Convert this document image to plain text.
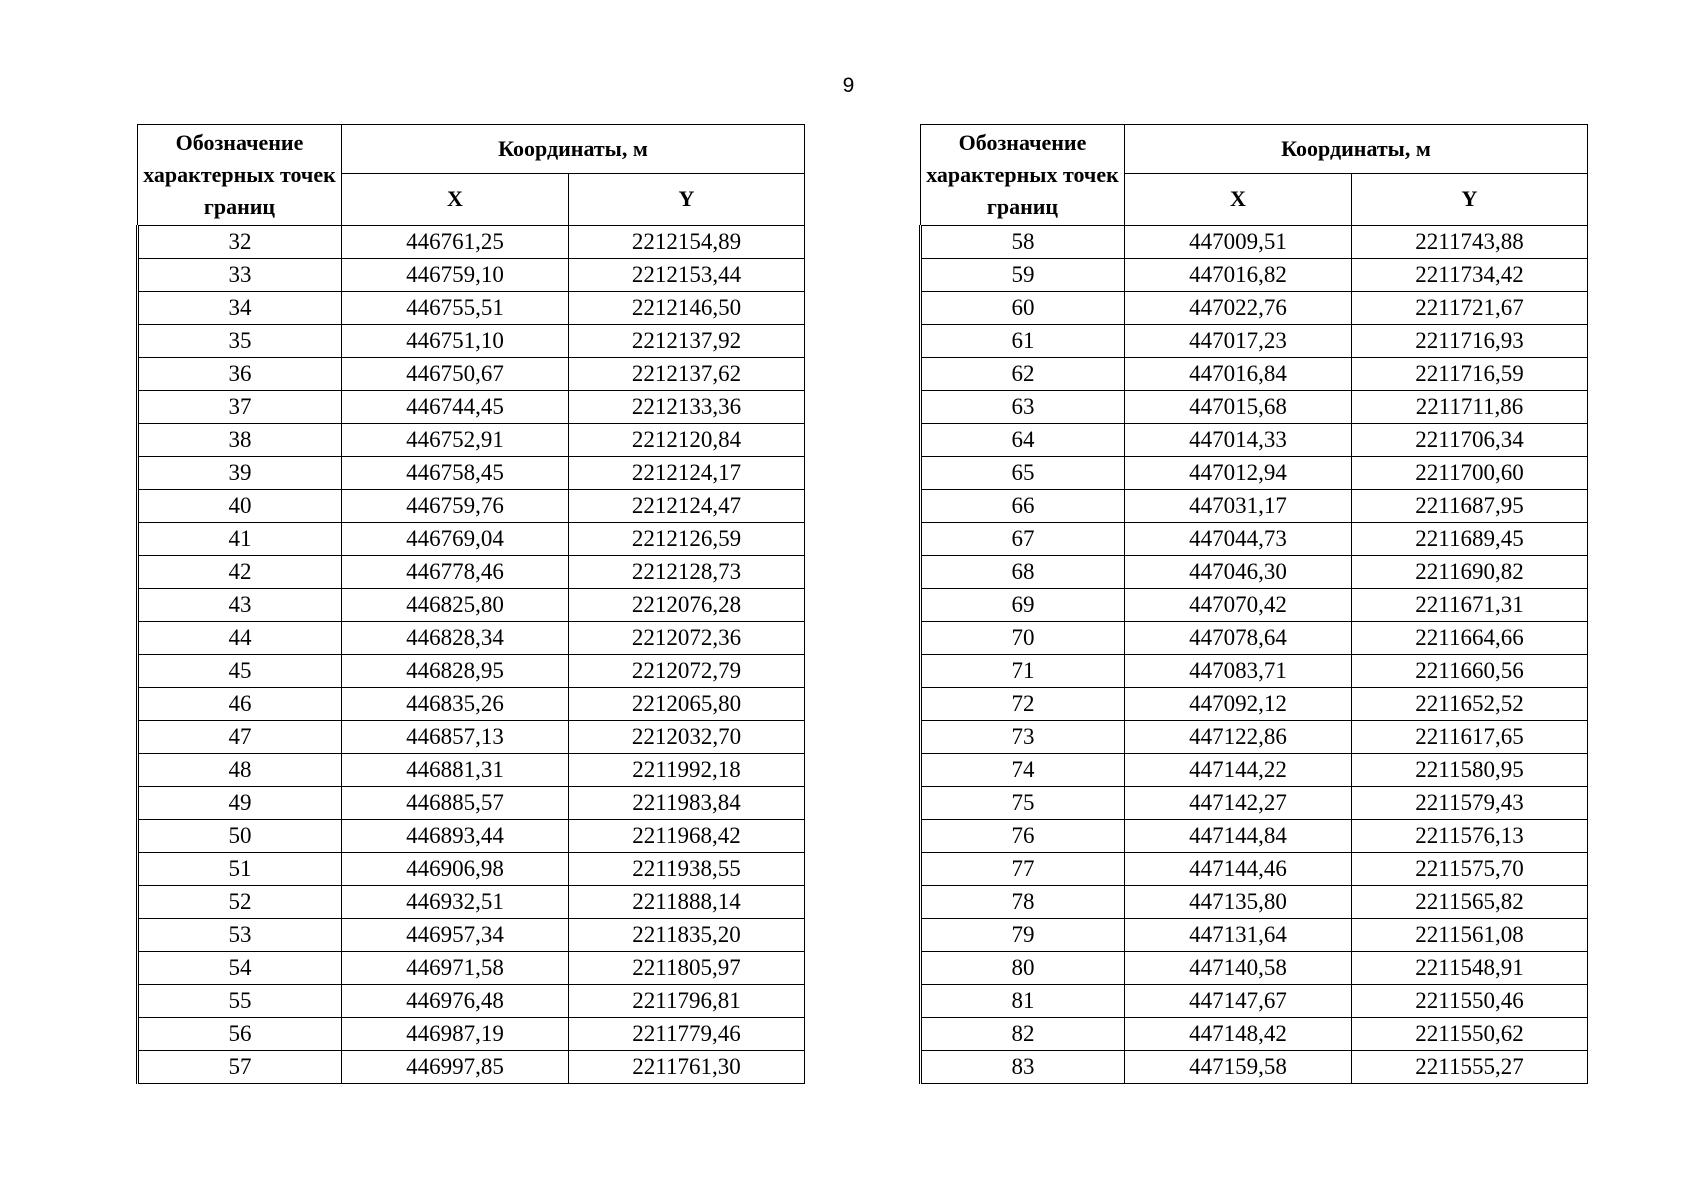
9
Обозначение характерных точек границ	Координаты, м	
	X	Y
32	446761,25	2212154,89
33	446759,10	2212153,44
34	446755,51	2212146,50
35	446751,10	2212137,92
36	446750,67	2212137,62
37	446744,45	2212133,36
38	446752,91	2212120,84
39	446758,45	2212124,17
40	446759,76	2212124,47
41	446769,04	2212126,59
42	446778,46	2212128,73
43	446825,80	2212076,28
44	446828,34	2212072,36
45	446828,95	2212072,79
46	446835,26	2212065,80
47	446857,13	2212032,70
48	446881,31	2211992,18
49	446885,57	2211983,84
50	446893,44	2211968,42
51	446906,98	2211938,55
52	446932,51	2211888,14
53	446957,34	2211835,20
54	446971,58	2211805,97
55	446976,48	2211796,81
56	446987,19	2211779,46
57	446997,85	2211761,30
Обозначение характерных точек границ	Координаты, м	
	X	Y
58	447009,51	2211743,88
59	447016,82	2211734,42
60	447022,76	2211721,67
61	447017,23	2211716,93
62	447016,84	2211716,59
63	447015,68	2211711,86
64	447014,33	2211706,34
65	447012,94	2211700,60
66	447031,17	2211687,95
67	447044,73	2211689,45
68	447046,30	2211690,82
69	447070,42	2211671,31
70	447078,64	2211664,66
71	447083,71	2211660,56
72	447092,12	2211652,52
73	447122,86	2211617,65
74	447144,22	2211580,95
75	447142,27	2211579,43
76	447144,84	2211576,13
77	447144,46	2211575,70
78	447135,80	2211565,82
79	447131,64	2211561,08
80	447140,58	2211548,91
81	447147,67	2211550,46
82	447148,42	2211550,62
83	447159,58	2211555,27
